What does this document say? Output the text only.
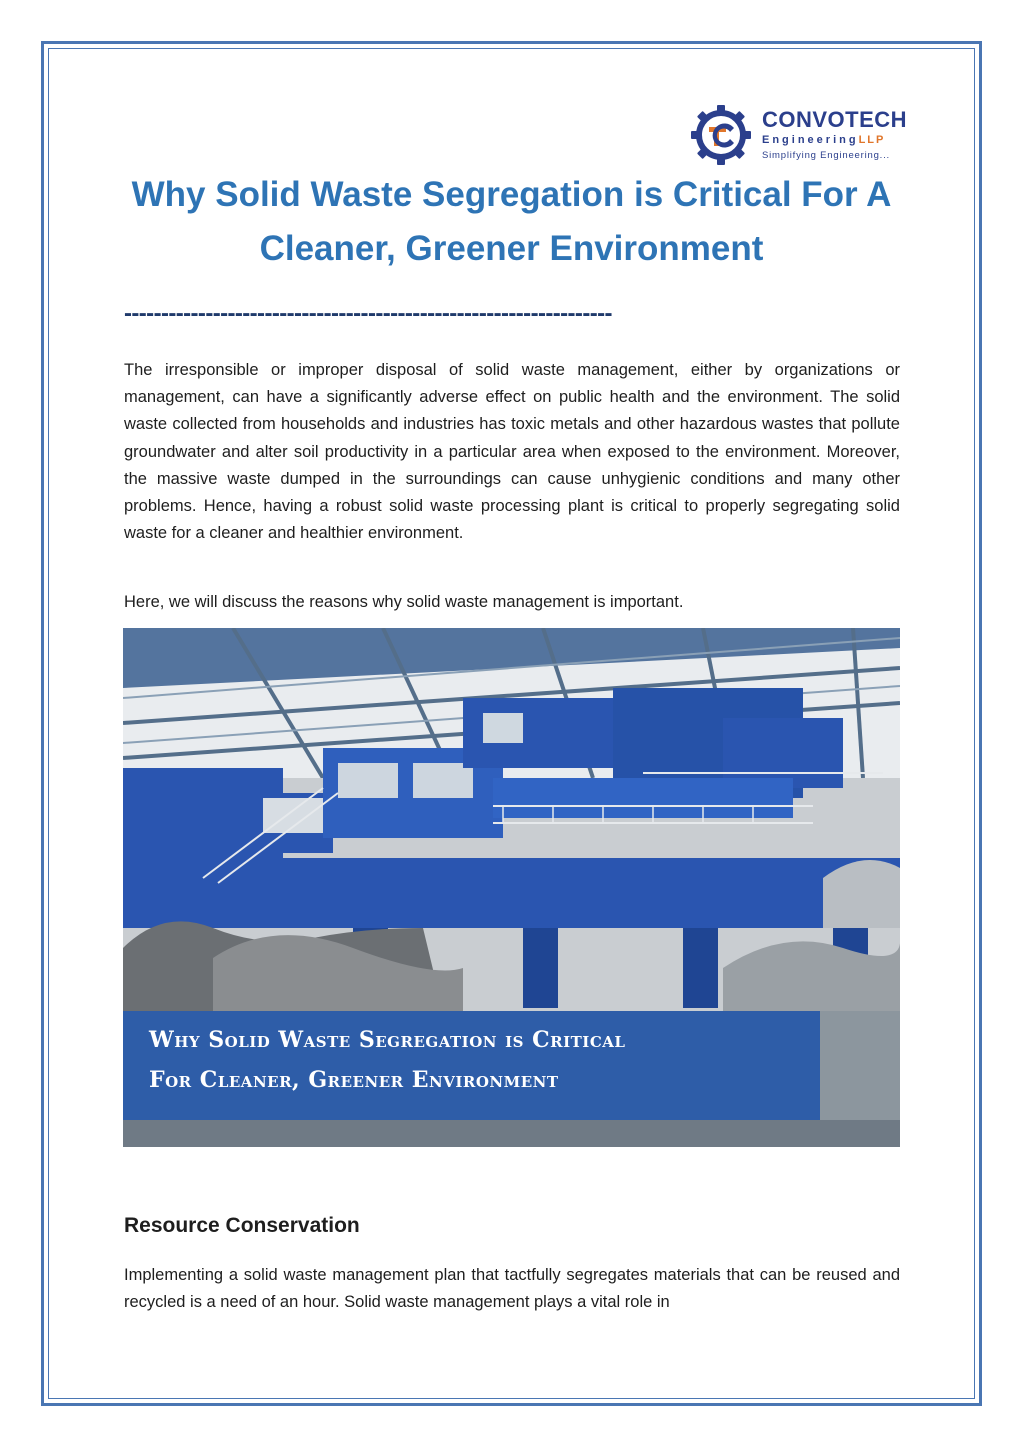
CONVOTECH
EngineeringLLP
Simplifying Engineering...
Why Solid Waste Segregation is Critical For A
Cleaner, Greener Environment
------------------------------------------------------------------

The irresponsible or improper disposal of solid waste management, either by organizations or management, can have a significantly adverse effect on public health and the environment. The solid waste collected from households and industries has toxic metals and other hazardous wastes that pollute groundwater and alter soil productivity in a particular area when exposed to the environment. Moreover, the massive waste dumped in the surroundings can cause unhygienic conditions and many other problems. Hence, having a robust solid waste processing plant is critical to properly segregating solid waste for a cleaner and healthier environment.

Here, we will discuss the reasons why solid waste management is important.

Why Solid Waste Segregation is Critical
For Cleaner, Greener Environment
Resource Conservation

Implementing a solid waste management plan that tactfully segregates materials that can be reused and recycled is a need of an hour. Solid waste management plays a vital role in
